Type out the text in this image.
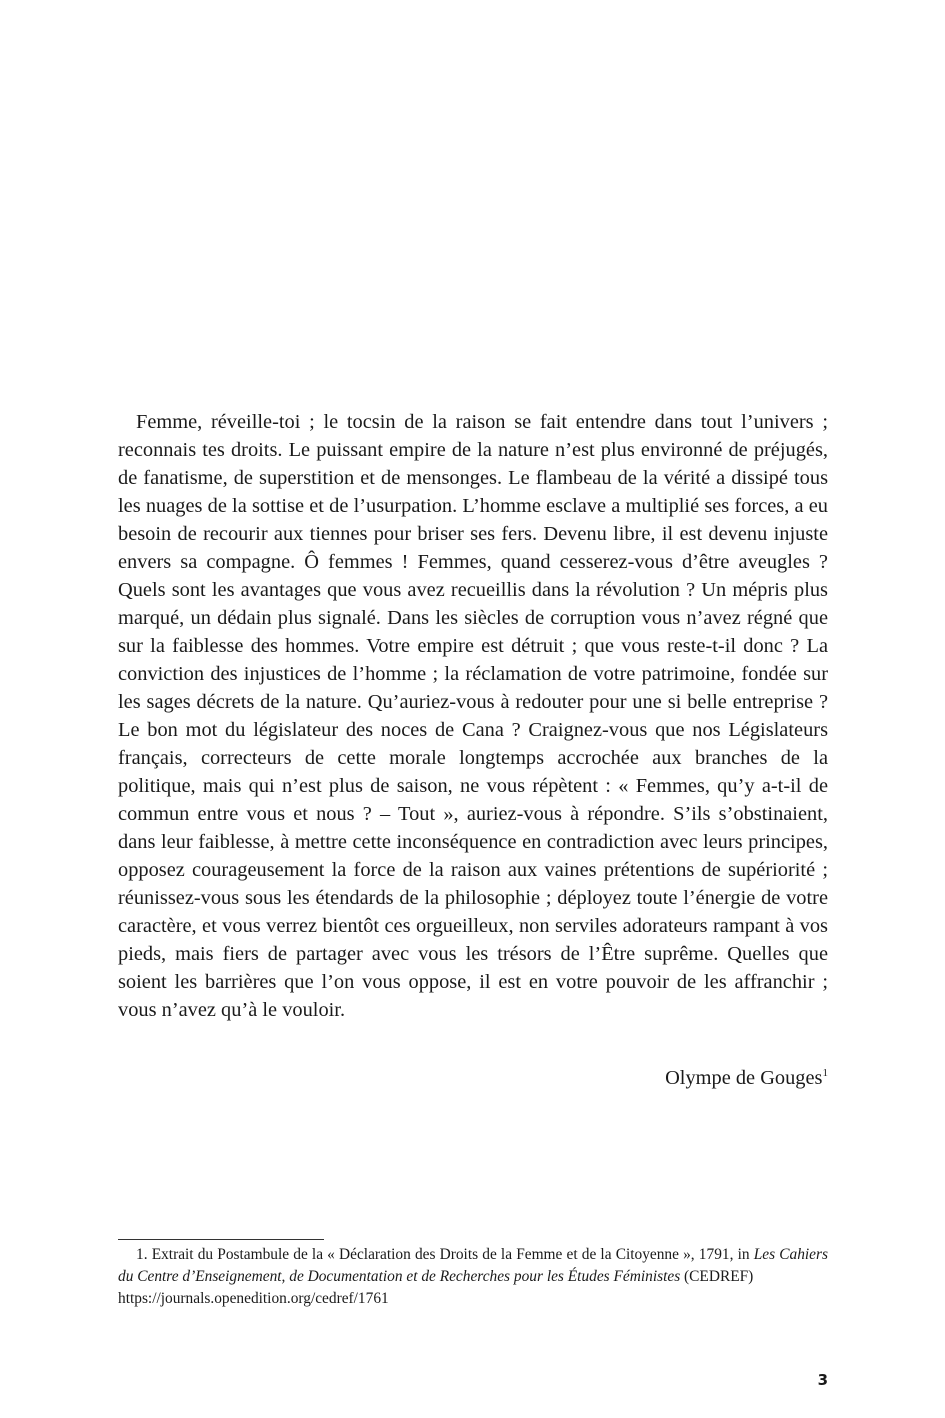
Femme, réveille-toi ; le tocsin de la raison se fait entendre dans tout l’univers ; reconnais tes droits. Le puissant empire de la nature n’est plus environné de préjugés, de fanatisme, de superstition et de mensonges. Le flambeau de la vérité a dissipé tous les nuages de la sottise et de l’usurpation. L’homme esclave a multiplié ses forces, a eu besoin de recourir aux tiennes pour briser ses fers. Devenu libre, il est devenu injuste envers sa compagne. Ô femmes ! Femmes, quand cesserez-vous d’être aveugles ? Quels sont les avantages que vous avez recueillis dans la révolution ? Un mépris plus marqué, un dédain plus signalé. Dans les siècles de corruption vous n’avez régné que sur la faiblesse des hommes. Votre empire est détruit ; que vous reste-t-il donc ? La conviction des injustices de l’homme ; la réclamation de votre patrimoine, fondée sur les sages décrets de la nature. Qu’auriez-vous à redouter pour une si belle entreprise ? Le bon mot du législateur des noces de Cana ? Craignez-vous que nos Législateurs français, correcteurs de cette morale longtemps accrochée aux branches de la politique, mais qui n’est plus de saison, ne vous répètent : « Femmes, qu’y a-t-il de commun entre vous et nous ? – Tout », auriez-vous à répondre. S’ils s’obstinaient, dans leur faiblesse, à mettre cette inconséquence en contradiction avec leurs principes, opposez courageusement la force de la raison aux vaines prétentions de supériorité ; réunissez-vous sous les étendards de la philosophie ; déployez toute l’énergie de votre caractère, et vous verrez bientôt ces orgueilleux, non serviles adorateurs rampant à vos pieds, mais fiers de partager avec vous les trésors de l’Être suprême. Quelles que soient les barrières que l’on vous oppose, il est en votre pouvoir de les affranchir ; vous n’avez qu’à le vouloir.

Olympe de Gouges$^1$

1. Extrait du Postambule de la « Déclaration des Droits de la Femme et de la Citoyenne », 1791, in Les Cahiers du Centre d’Enseignement, de Documentation et de Recherches pour les Études Féministes (CEDREF)
https://journals.openedition.org/cedref/1761

3
